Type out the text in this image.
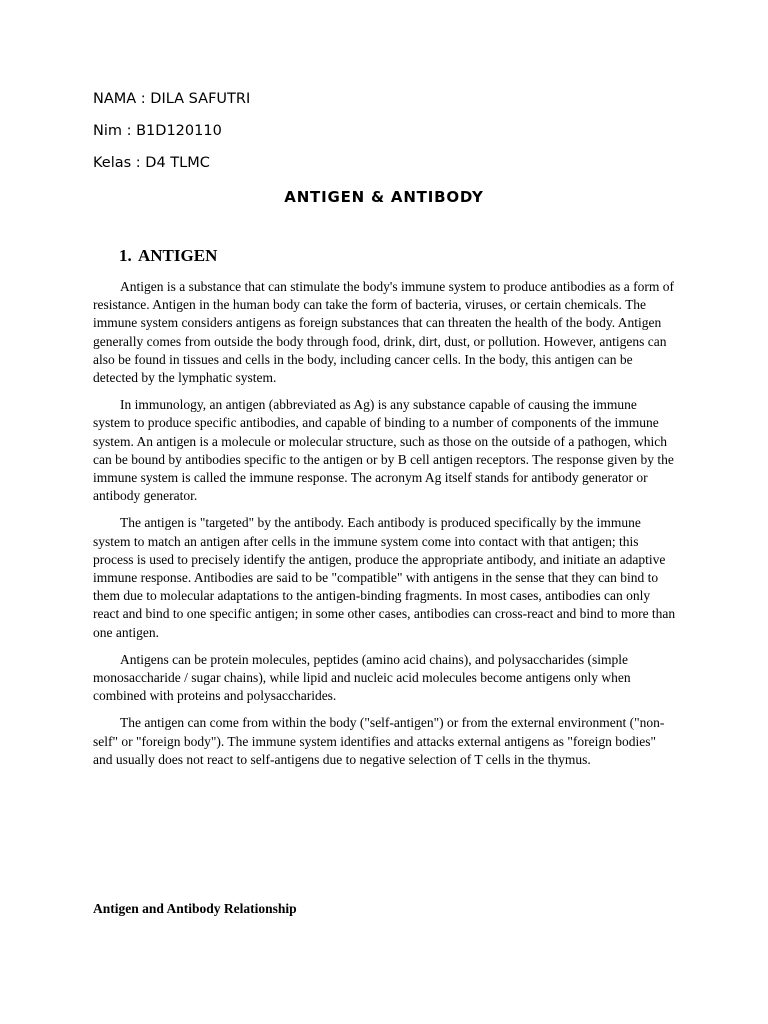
NAMA : DILA SAFUTRI
Nim : B1D120110
Kelas : D4 TLMC
ANTIGEN & ANTIBODY
1. ANTIGEN

Antigen is a substance that can stimulate the body's immune system to produce antibodies as a form of resistance. Antigen in the human body can take the form of bacteria, viruses, or certain chemicals. The immune system considers antigens as foreign substances that can threaten the health of the body. Antigen generally comes from outside the body through food, drink, dirt, dust, or pollution. However, antigens can also be found in tissues and cells in the body, including cancer cells. In the body, this antigen can be detected by the lymphatic system.

In immunology, an antigen (abbreviated as Ag) is any substance capable of causing the immune system to produce specific antibodies, and capable of binding to a number of components of the immune system. An antigen is a molecule or molecular structure, such as those on the outside of a pathogen, which can be bound by antibodies specific to the antigen or by B cell antigen receptors. The response given by the immune system is called the immune response. The acronym Ag itself stands for antibody generator or antibody generator.

The antigen is "targeted" by the antibody. Each antibody is produced specifically by the immune system to match an antigen after cells in the immune system come into contact with that antigen; this process is used to precisely identify the antigen, produce the appropriate antibody, and initiate an adaptive immune response. Antibodies are said to be "compatible" with antigens in the sense that they can bind to them due to molecular adaptations to the antigen-binding fragments. In most cases, antibodies can only react and bind to one specific antigen; in some other cases, antibodies can cross-react and bind to more than one antigen.

Antigens can be protein molecules, peptides (amino acid chains), and polysaccharides (simple monosaccharide / sugar chains), while lipid and nucleic acid molecules become antigens only when combined with proteins and polysaccharides.

The antigen can come from within the body ("self-antigen") or from the external environment ("non-self" or "foreign body"). The immune system identifies and attacks external antigens as "foreign bodies" and usually does not react to self-antigens due to negative selection of T cells in the thymus.

Antigen and Antibody Relationship
